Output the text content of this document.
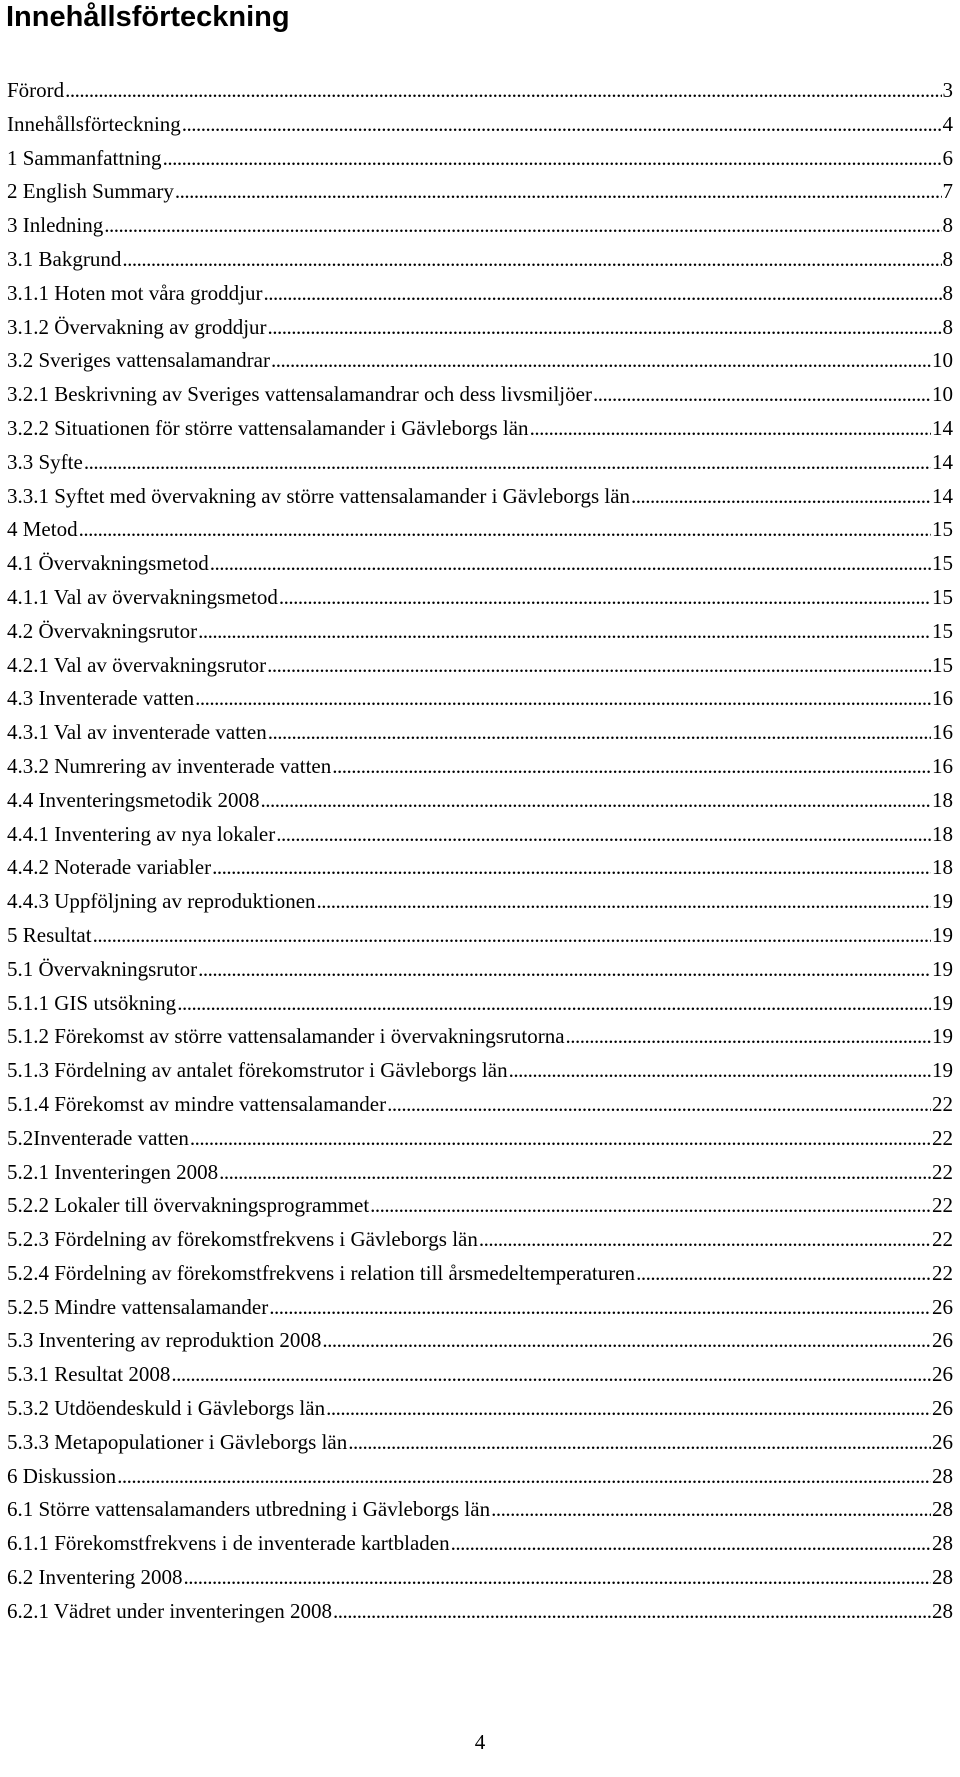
Innehållsförteckning
Förord .....	3
Innehållsförteckning .....	4
1 Sammanfattning .....	6
2 English Summary .....	7
3 Inledning .....	8
3.1 Bakgrund .....	8
3.1.1 Hoten mot våra groddjur .....	8
3.1.2 Övervakning av groddjur .....	8
3.2 Sveriges vattensalamandrar .....	10
3.2.1 Beskrivning av Sveriges vattensalamandrar och dess livsmiljöer .....	10
3.2.2 Situationen för större vattensalamander i Gävleborgs län .....	14
3.3 Syfte .....	14
3.3.1 Syftet med övervakning av större vattensalamander i Gävleborgs län .....	14
4 Metod .....	15
4.1 Övervakningsmetod .....	15
4.1.1 Val av övervakningsmetod .....	15
4.2 Övervakningsrutor .....	15
4.2.1 Val av övervakningsrutor .....	15
4.3 Inventerade vatten .....	16
4.3.1 Val av inventerade vatten .....	16
4.3.2 Numrering av inventerade vatten .....	16
4.4 Inventeringsmetodik 2008 .....	18
4.4.1 Inventering av nya lokaler .....	18
4.4.2 Noterade variabler .....	18
4.4.3 Uppföljning av reproduktionen .....	19
5 Resultat .....	19
5.1 Övervakningsrutor .....	19
5.1.1 GIS utsökning .....	19
5.1.2 Förekomst av större vattensalamander i övervakningsrutorna .....	19
5.1.3 Fördelning av antalet förekomstrutor i Gävleborgs län .....	19
5.1.4 Förekomst av mindre vattensalamander .....	22
5.2Inventerade vatten .....	22
5.2.1 Inventeringen 2008 .....	22
5.2.2 Lokaler till övervakningsprogrammet .....	22
5.2.3 Fördelning av förekomstfrekvens i Gävleborgs län .....	22
5.2.4 Fördelning av förekomstfrekvens i relation till årsmedeltemperaturen .....	22
5.2.5 Mindre vattensalamander .....	26
5.3 Inventering av reproduktion 2008 .....	26
5.3.1 Resultat 2008 .....	26
5.3.2 Utdöendeskuld i Gävleborgs län .....	26
5.3.3 Metapopulationer i Gävleborgs län .....	26
6 Diskussion .....	28
6.1 Större vattensalamanders utbredning i Gävleborgs län .....	28
6.1.1 Förekomstfrekvens i de inventerade kartbladen .....	28
6.2 Inventering 2008 .....	28
6.2.1 Vädret under inventeringen 2008 .....	28

4
